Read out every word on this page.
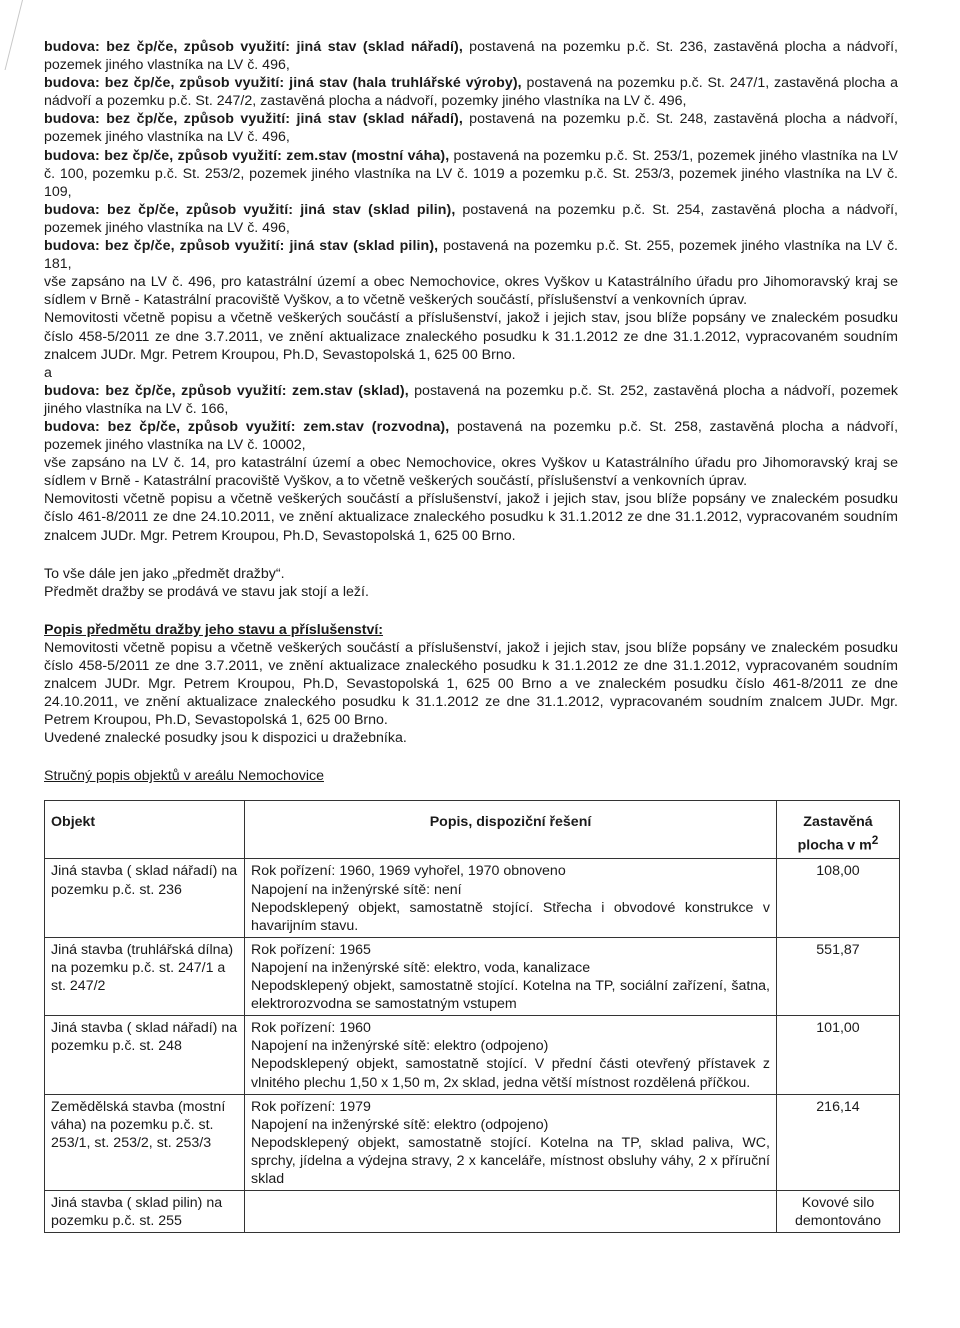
budova: bez čp/če, způsob využití: jiná stav (sklad nářadí), postavená na pozemku p.č. St. 236, zastavěná plocha a nádvoří, pozemek jiného vlastníka na LV č. 496,

budova: bez čp/če, způsob využití: jiná stav (hala truhlářské výroby), postavená na pozemku p.č. St. 247/1, zastavěná plocha a nádvoří a pozemku p.č. St. 247/2, zastavěná plocha a nádvoří, pozemky jiného vlastníka na LV č. 496,

budova: bez čp/če, způsob využití: jiná stav (sklad nářadí), postavená na pozemku p.č. St. 248, zastavěná plocha a nádvoří, pozemek jiného vlastníka na LV č. 496,

budova: bez čp/če, způsob využití: zem.stav (mostní váha), postavená na pozemku p.č. St. 253/1, pozemek jiného vlastníka na LV č. 100, pozemku p.č. St. 253/2, pozemek jiného vlastníka na LV č. 1019 a pozemku p.č. St. 253/3, pozemek jiného vlastníka na LV č. 109,

budova: bez čp/če, způsob využití: jiná stav (sklad pilin), postavená na pozemku p.č. St. 254, zastavěná plocha a nádvoří, pozemek jiného vlastníka na LV č. 496,

budova: bez čp/če, způsob využití: jiná stav (sklad pilin), postavená na pozemku p.č. St. 255, pozemek jiného vlastníka na LV č. 181,

vše zapsáno na LV č. 496, pro katastrální území a obec Nemochovice, okres Vyškov u Katastrálního úřadu pro Jihomoravský kraj se sídlem v Brně - Katastrální pracoviště Vyškov, a to včetně veškerých součástí, příslušenství a venkovních úprav.

Nemovitosti včetně popisu a včetně veškerých součástí a příslušenství, jakož i jejich stav, jsou blíže popsány ve znaleckém posudku číslo 458-5/2011 ze dne 3.7.2011, ve znění aktualizace znaleckého posudku k 31.1.2012 ze dne 31.1.2012, vypracovaném soudním znalcem JUDr. Mgr. Petrem Kroupou, Ph.D, Sevastopolská 1, 625 00 Brno.

a

budova: bez čp/če, způsob využití: zem.stav (sklad), postavená na pozemku p.č. St. 252, zastavěná plocha a nádvoří, pozemek jiného vlastníka na LV č. 166,

budova: bez čp/če, způsob využití: zem.stav (rozvodna), postavená na pozemku p.č. St. 258, zastavěná plocha a nádvoří, pozemek jiného vlastníka na LV č. 10002,

vše zapsáno na LV č. 14, pro katastrální území a obec Nemochovice, okres Vyškov u Katastrálního úřadu pro Jihomoravský kraj se sídlem v Brně - Katastrální pracoviště Vyškov, a to včetně veškerých součástí, příslušenství a venkovních úprav.

Nemovitosti včetně popisu a včetně veškerých součástí a příslušenství, jakož i jejich stav, jsou blíže popsány ve znaleckém posudku číslo 461-8/2011 ze dne 24.10.2011, ve znění aktualizace znaleckého posudku k 31.1.2012 ze dne 31.1.2012, vypracovaném soudním znalcem JUDr. Mgr. Petrem Kroupou, Ph.D, Sevastopolská 1, 625 00 Brno.

To vše dále jen jako „předmět dražby“.

Předmět dražby se prodává ve stavu jak stojí a leží.

Popis předmětu dražby jeho stavu a příslušenství:

Nemovitosti včetně popisu a včetně veškerých součástí a příslušenství, jakož i jejich stav, jsou blíže popsány ve znaleckém posudku číslo 458-5/2011 ze dne 3.7.2011, ve znění aktualizace znaleckého posudku k 31.1.2012 ze dne 31.1.2012, vypracovaném soudním znalcem JUDr. Mgr. Petrem Kroupou, Ph.D, Sevastopolská 1, 625 00 Brno a ve znaleckém posudku číslo 461-8/2011 ze dne 24.10.2011, ve znění aktualizace znaleckého posudku k 31.1.2012 ze dne 31.1.2012, vypracovaném soudním znalcem JUDr. Mgr. Petrem Kroupou, Ph.D, Sevastopolská 1, 625 00 Brno.

Uvedené znalecké posudky jsou k dispozici u dražebníka.

Stručný popis objektů v areálu Nemochovice

Objekt	Popis, dispoziční řešení	Zastavěná plocha v $m^2$
Jiná stavba ( sklad nářadí) na pozemku p.č. st. 236	Rok pořízení: 1960, 1969 vyhořel, 1970 obnoveno
Napojení na inženýrské sítě: není
Nepodsklepený objekt, samostatně stojící. Střecha i obvodové konstrukce v havarijním stavu.	108,00
Jiná stavba (truhlářská dílna) na pozemku p.č. st. 247/1 a st. 247/2	Rok pořízení: 1965
Napojení na inženýrské sítě: elektro, voda, kanalizace
Nepodsklepený objekt, samostatně stojící. Kotelna na TP, sociální zařízení, šatna, elektrorozvodna se samostatným vstupem	551,87
Jiná stavba ( sklad nářadí) na pozemku p.č. st. 248	Rok pořízení: 1960
Napojení na inženýrské sítě: elektro (odpojeno)
Nepodsklepený objekt, samostatně stojící. V přední části otevřený přístavek z vlnitého plechu 1,50 x 1,50 m, 2x sklad, jedna větší místnost rozdělená příčkou.	101,00
Zemědělská stavba (mostní váha) na pozemku p.č. st. 253/1, st. 253/2, st. 253/3	Rok pořízení: 1979
Napojení na inženýrské sítě: elektro (odpojeno)
Nepodsklepený objekt, samostatně stojící. Kotelna na TP, sklad paliva, WC, sprchy, jídelna a výdejna stravy, 2 x kanceláře, místnost obsluhy váhy, 2 x příruční sklad	216,14
Jiná stavba ( sklad pilin) na pozemku p.č. st. 255		Kovové silo demontováno
